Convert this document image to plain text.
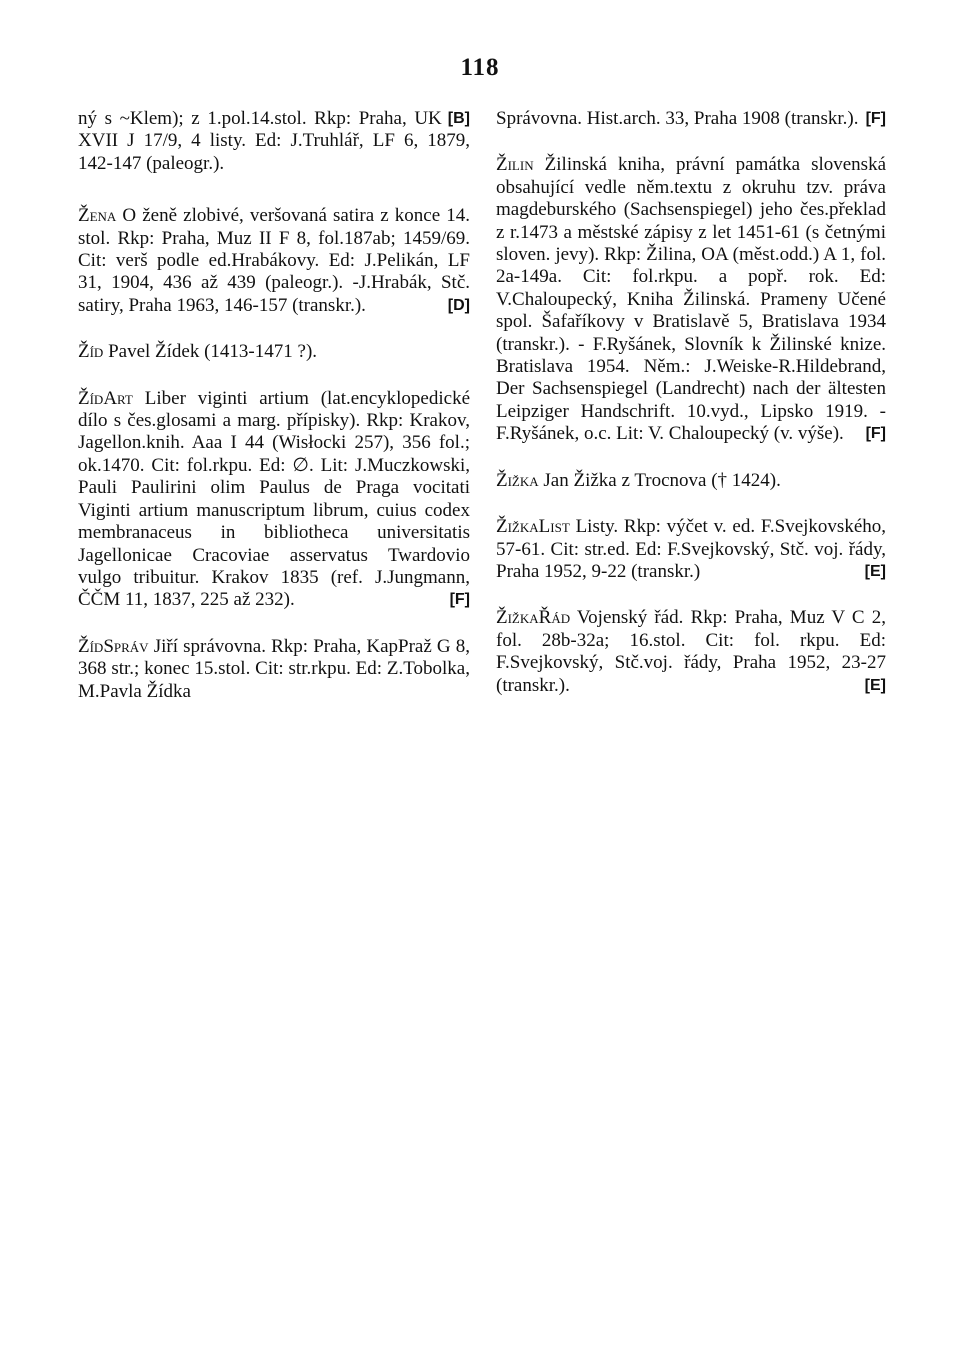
118

[B]
ný s ~Klem); z 1.pol.14.stol. Rkp: Praha, UK XVII J 17/9, 4 listy. Ed: J.Truhlář, LF 6, 1879, 142-147 (paleogr.).

Žena O ženě zlobivé, veršovaná satira z konce 14. stol. Rkp: Praha, Muz II F 8, fol.187ab; 1459/69. Cit: verš podle ed.Hrabákovy. Ed: J.Pelikán, LF 31, 1904, 436 až 439 (paleogr.). -J.Hrabák, Stč. satiry, Praha 1963, 146-157 (transkr.).	[D]

Žíd Pavel Žídek (1413-1471 ?).

ŽídArt Liber viginti artium (lat.encyklopedické dílo s čes.glosami a marg. přípisky). Rkp: Krakov, Jagellon.knih. Aaa I 44 (Wisłocki 257), 356 fol.; ok.1470. Cit: fol.rkpu. Ed: ∅. Lit: J.Muczkowski, Pauli Paulirini olim Paulus de Praga vocitati Viginti artium manuscriptum librum, cuius codex membranaceus in bibliotheca universitatis Jagellonicae Cracoviae asservatus Twardovio vulgo tribuitur. Krakov 1835 (ref. J.Jungmann, ČČM 11, 1837, 225 až 232).	[F]

ŽídSpráv Jiří správovna. Rkp: Praha, KapPraž G 8, 368 str.; konec 15.stol. Cit: str.rkpu. Ed: Z.Tobolka, M.Pavla Žídka

Správovna. Hist.arch. 33, Praha 1908 (transkr.). [F]

Žilin Žilinská kniha, právní památka slovenská obsahující vedle něm.textu z okruhu tzv. práva magdeburského (Sachsenspiegel) jeho čes.překlad z r.1473 a městské zápisy z let 1451-61 (s četnými sloven. jevy). Rkp: Žilina, OA (měst.odd.) A 1, fol. 2a-149a. Cit: fol.rkpu. a popř. rok. Ed: V.Chaloupecký, Kniha Žilinská. Prameny Učené spol. Šafaříkovy v Bratislavě 5, Bratislava 1934 (transkr.). - F.Ryšánek, Slovník k Žilinské knize. Bratislava 1954. Něm.: J.Weiske-R.Hildebrand, Der Sachsenspiegel (Landrecht) nach der ältesten Leipziger Handschrift. 10.vyd., Lipsko 1919. - F.Ryšánek, o.c. Lit: V. Chaloupecký (v. výše). [F]

Žižka Jan Žižka z Trocnova († 1424).

ŽižkaList Listy. Rkp: výčet v. ed. F.Svejkovského, 57-61. Cit: str.ed. Ed: F.Svejkovský, Stč. voj. řády, Praha 1952, 9-22 (transkr.)	[E]

ŽižkaŘád Vojenský řád. Rkp: Praha, Muz V C 2, fol. 28b-32a; 16.stol. Cit: fol. rkpu. Ed: F.Svejkovský, Stč.voj. řády, Praha 1952, 23-27 (transkr.).	[E]
